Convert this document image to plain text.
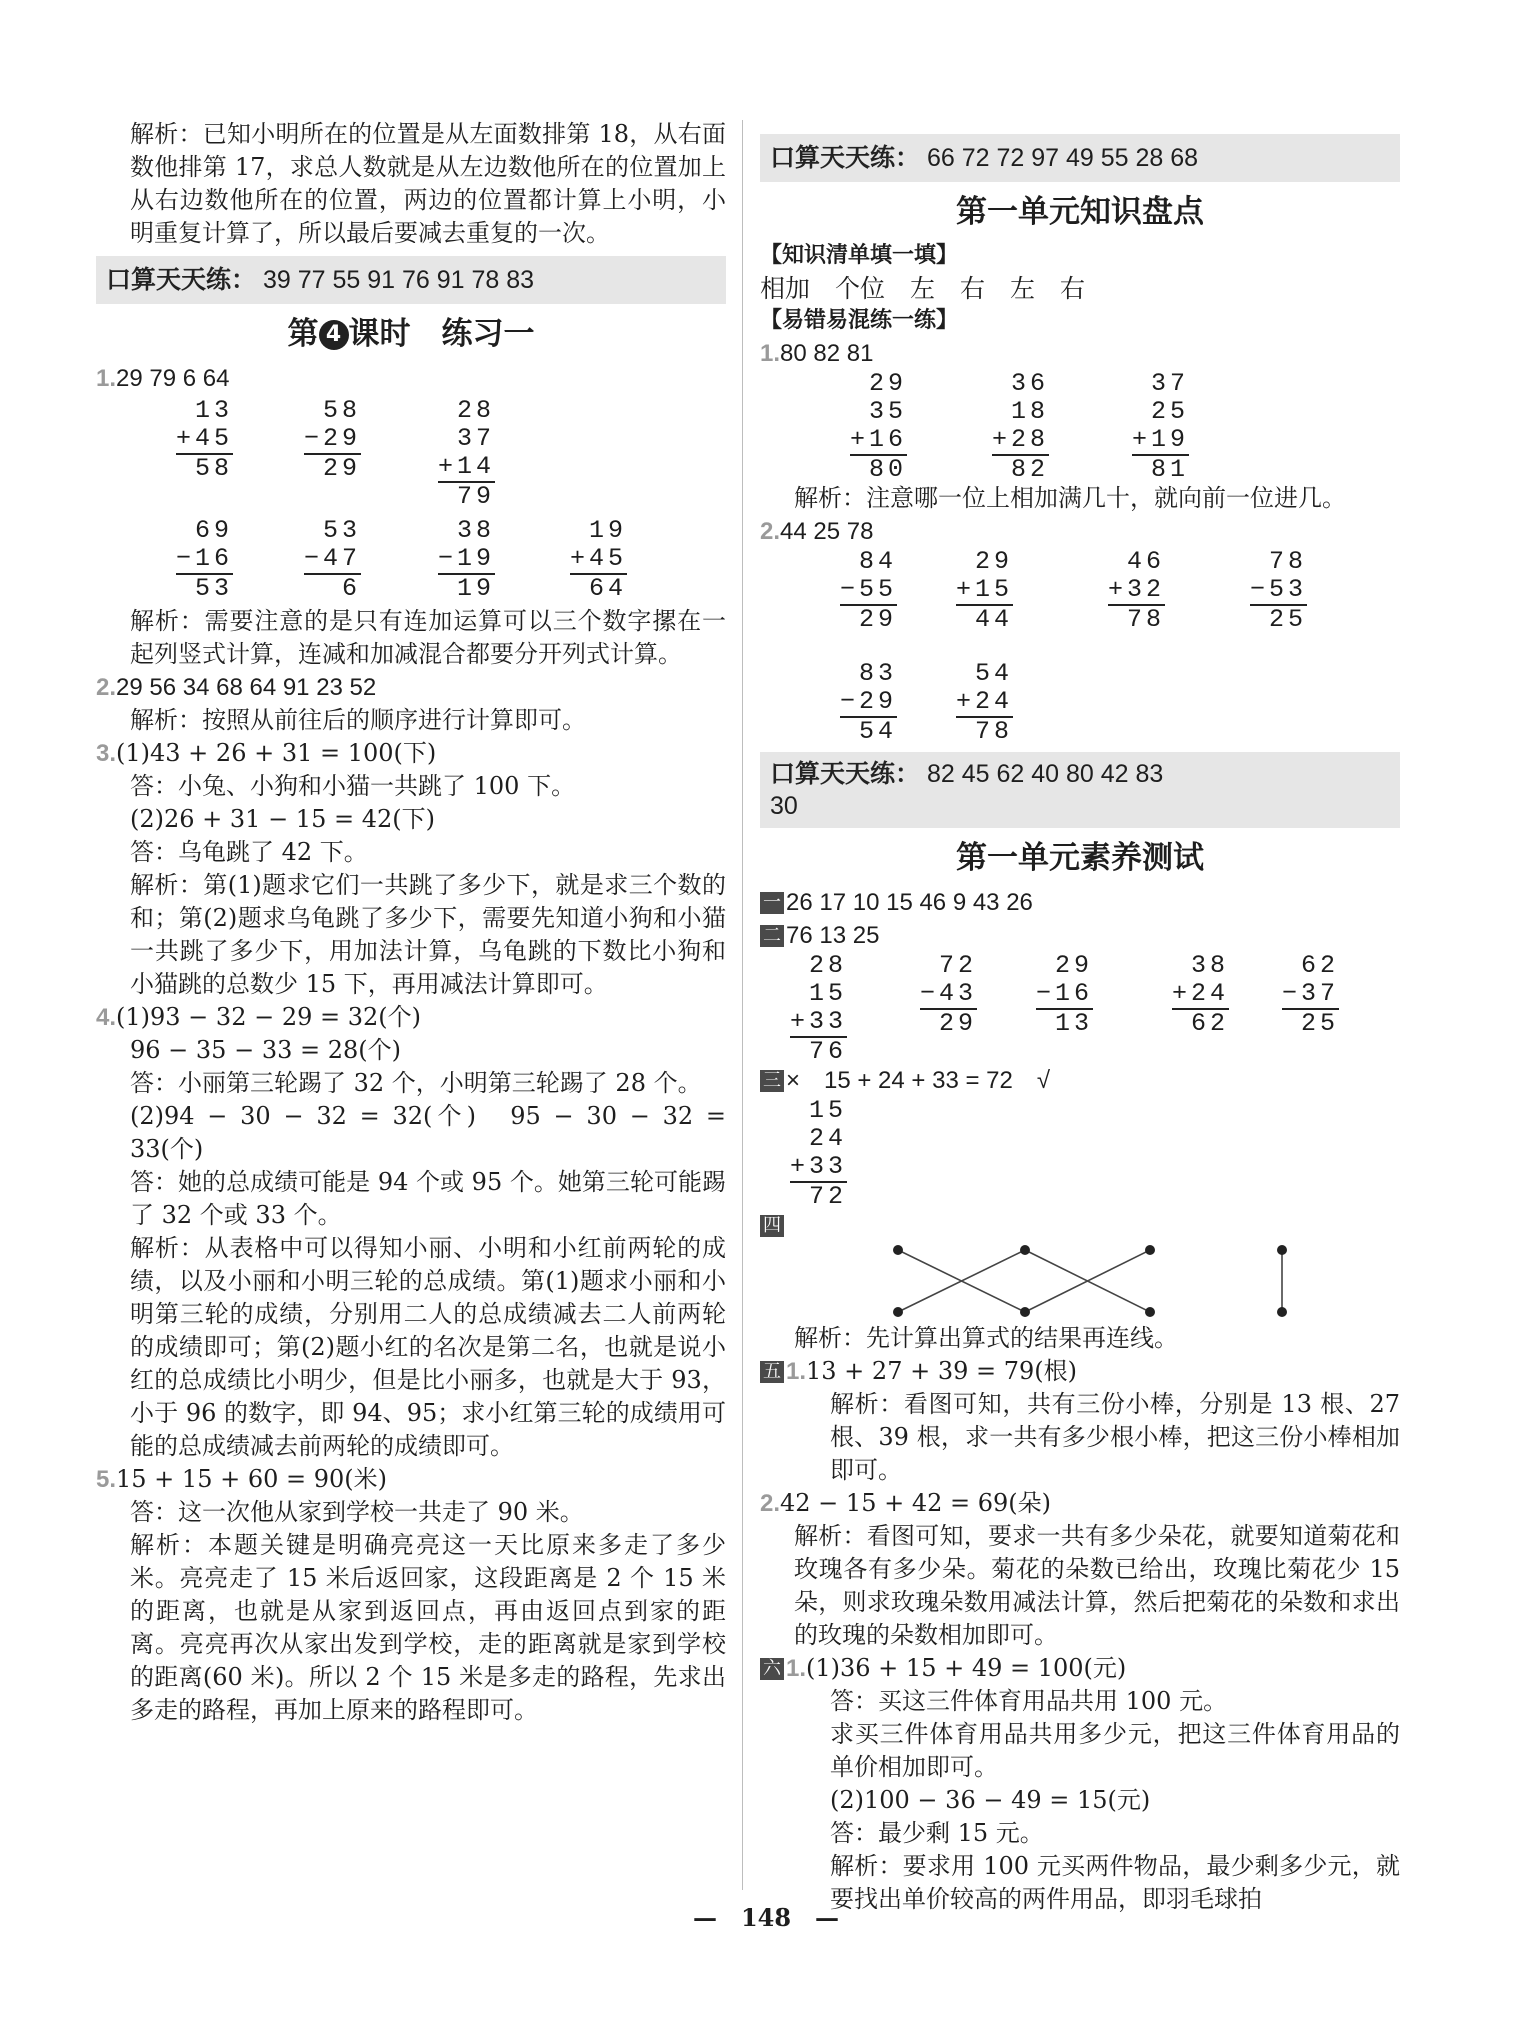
解析：已知小明所在的位置是从左面数排第 18，从右面数他排第 17，求总人数就是从左边数他所在的位置加上从右边数他所在的位置，两边的位置都计算上小明，小明重复计算了，所以最后要减去重复的一次。

口算天天练： 39 77 55 91 76 91 78 83
第 4 课时　练习一
1.29 79 6 64
13
+45
58
58
−29
29
28
37
+14
79
69
−16
53
53
−47
6
38
−19
19
19
+45
64

解析：需要注意的是只有连加运算可以三个数字摞在一起列竖式计算，连减和加减混合都要分开列式计算。

2.29 56 34 68 64 91 23 52

解析：按照从前往后的顺序进行计算即可。

3.(1)43 + 26 + 31 = 100(下)

答：小兔、小狗和小猫一共跳了 100 下。

(2)26 + 31 − 15 = 42(下)

答：乌龟跳了 42 下。

解析：第(1)题求它们一共跳了多少下，就是求三个数的和；第(2)题求乌龟跳了多少下，需要先知道小狗和小猫一共跳了多少下，用加法计算，乌龟跳的下数比小狗和小猫跳的总数少 15 下，再用减法计算即可。

4.(1)93 − 32 − 29 = 32(个)

96 − 35 − 33 = 28(个)

答：小丽第三轮踢了 32 个，小明第三轮踢了 28 个。

(2)94 − 30 − 32 = 32(个)　95 − 30 − 32 = 33(个)

答：她的总成绩可能是 94 个或 95 个。她第三轮可能踢了 32 个或 33 个。

解析：从表格中可以得知小丽、小明和小红前两轮的成绩，以及小丽和小明三轮的总成绩。第(1)题求小丽和小明第三轮的成绩，分别用二人的总成绩减去二人前两轮的成绩即可；第(2)题小红的名次是第二名，也就是说小红的总成绩比小明少，但是比小丽多，也就是大于 93，小于 96 的数字，即 94、95；求小红第三轮的成绩用可能的总成绩减去前两轮的成绩即可。

5.15 + 15 + 60 = 90(米)

答：这一次他从家到学校一共走了 90 米。

解析：本题关键是明确亮亮这一天比原来多走了多少米。亮亮走了 15 米后返回家，这段距离是 2 个 15 米的距离，也就是从家到返回点，再由返回点到家的距离。亮亮再次从家出发到学校，走的距离就是家到学校的距离(60 米)。所以 2 个 15 米是多走的路程，先求出多走的路程，再加上原来的路程即可。

口算天天练： 66 72 72 97 49 55 28 68
第一单元知识盘点
【知识清单填一填】
相加　个位　左　右　左　右
【易错易混练一练】
1.80 82 81
29
35
+16
80
36
18
+28
82
37
25
+19
81

解析：注意哪一位上相加满几十，就向前一位进几。

2.44 25 78
84
−55
29
29
+15
44
46
+32
78
78
−53
25
83
−29
54
54
+24
78
口算天天练： 82 45 62 40 80 42 83
30
第一单元素养测试
一 26 17 10 15 46 9 43 26
二 76 13 25
28
15
+33
76
72
−43
29
29
−16
13
38
+24
62
62
−37
25
三 ×　15 + 24 + 33 = 72　√
15
24
+33
72
四

解析：先计算出算式的结果再连线。

五 1.13 + 27 + 39 = 79(根)

解析：看图可知，共有三份小棒，分别是 13 根、27 根、39 根，求一共有多少根小棒，把这三份小棒相加即可。

2.42 − 15 + 42 = 69(朵)

解析：看图可知，要求一共有多少朵花，就要知道菊花和玫瑰各有多少朵。菊花的朵数已给出，玫瑰比菊花少 15 朵，则求玫瑰朵数用减法计算，然后把菊花的朵数和求出的玫瑰的朵数相加即可。

六 1.(1)36 + 15 + 49 = 100(元)

答：买这三件体育用品共用 100 元。

求买三件体育用品共用多少元，把这三件体育用品的单价相加即可。

(2)100 − 36 − 49 = 15(元)

答：最少剩 15 元。

解析：要求用 100 元买两件物品，最少剩多少元，就要找出单价较高的两件用品，即羽毛球拍

—　 148　 —
